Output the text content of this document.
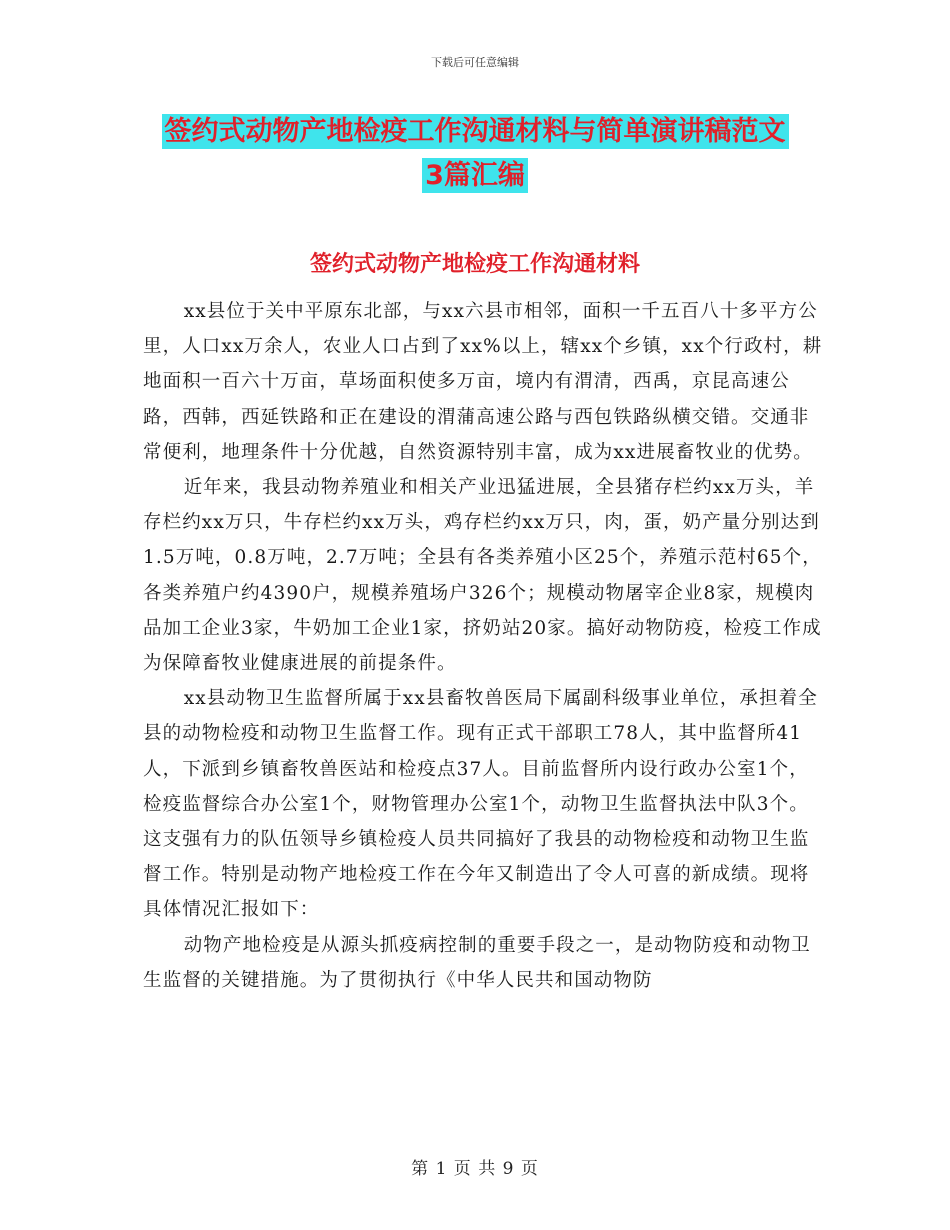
下载后可任意编辑
签约式动物产地检疫工作沟通材料与简单演讲稿范文
3篇汇编
签约式动物产地检疫工作沟通材料

xx县位于关中平原东北部，与xx六县市相邻，面积一千五百八十多平方公里，人口xx万余人，农业人口占到了xx%以上，辖xx个乡镇，xx个行政村，耕地面积一百六十万亩，草场面积使多万亩，境内有渭清，西禹，京昆高速公路，西韩，西延铁路和正在建设的渭蒲高速公路与西包铁路纵横交错。交通非常便利，地理条件十分优越，自然资源特别丰富，成为xx进展畜牧业的优势。

近年来，我县动物养殖业和相关产业迅猛进展，全县猪存栏约xx万头，羊存栏约xx万只，牛存栏约xx万头，鸡存栏约xx万只，肉，蛋，奶产量分别达到1.5万吨，0.8万吨，2.7万吨；全县有各类养殖小区25个，养殖示范村65个，各类养殖户约4390户，规模养殖场户326个；规模动物屠宰企业8家，规模肉品加工企业3家，牛奶加工企业1家，挤奶站20家。搞好动物防疫，检疫工作成为保障畜牧业健康进展的前提条件。

xx县动物卫生监督所属于xx县畜牧兽医局下属副科级事业单位，承担着全县的动物检疫和动物卫生监督工作。现有正式干部职工78人，其中监督所41人，下派到乡镇畜牧兽医站和检疫点37人。目前监督所内设行政办公室1个，检疫监督综合办公室1个，财物管理办公室1个，动物卫生监督执法中队3个。这支强有力的队伍领导乡镇检疫人员共同搞好了我县的动物检疫和动物卫生监督工作。特别是动物产地检疫工作在今年又制造出了令人可喜的新成绩。现将具体情况汇报如下：

动物产地检疫是从源头抓疫病控制的重要手段之一，是动物防疫和动物卫生监督的关键措施。为了贯彻执行《中华人民共和国动物防

第 1 页 共 9 页
